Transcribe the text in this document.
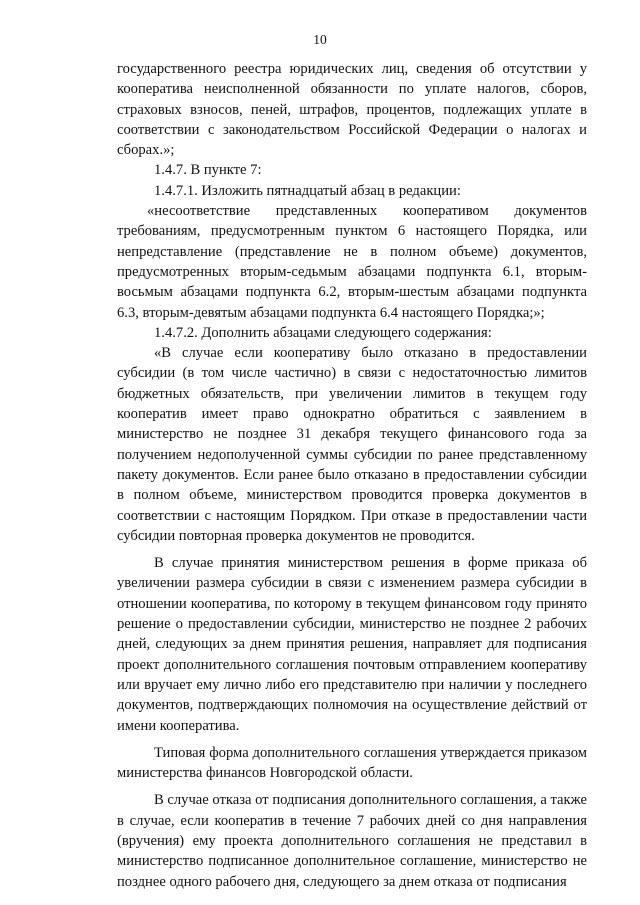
10

государственного реестра юридических лиц, сведения об отсутствии у кооператива неисполненной обязанности по уплате налогов, сборов, страховых взносов, пеней, штрафов, процентов, подлежащих уплате в соответствии с законодательством Российской Федерации о налогах и сборах.»;

1.4.7. В пункте 7:

1.4.7.1. Изложить пятнадцатый абзац в редакции:

«несоответствие представленных кооперативом документов требованиям, предусмотренным пунктом 6 настоящего Порядка, или непредставление (представление не в полном объеме) документов, предусмотренных вторым-седьмым абзацами подпункта 6.1, вторым-восьмым абзацами подпункта 6.2, вторым-шестым абзацами подпункта 6.3, вторым-девятым абзацами подпункта 6.4 настоящего Порядка;»;

1.4.7.2. Дополнить абзацами следующего содержания:

«В случае если кооперативу было отказано в предоставлении субсидии (в том числе частично) в связи с недостаточностью лимитов бюджетных обязательств, при увеличении лимитов в текущем году кооператив имеет право однократно обратиться с заявлением в министерство не позднее 31 декабря текущего финансового года за получением недополученной суммы субсидии по ранее представленному пакету документов. Если ранее было отказано в предоставлении субсидии в полном объеме, министерством проводится проверка документов в соответствии с настоящим Порядком. При отказе в предоставлении части субсидии повторная проверка документов не проводится.

В случае принятия министерством решения в форме приказа об увеличении размера субсидии в связи с изменением размера субсидии в отношении кооператива, по которому в текущем финансовом году принято решение о предоставлении субсидии, министерство не позднее 2 рабочих дней, следующих за днем принятия решения, направляет для подписания проект дополнительного соглашения почтовым отправлением кооперативу или вручает ему лично либо его представителю при наличии у последнего документов, подтверждающих полномочия на осуществление действий от имени кооператива.

Типовая форма дополнительного соглашения утверждается приказом министерства финансов Новгородской области.

В случае отказа от подписания дополнительного соглашения, а также в случае, если кооператив в течение 7 рабочих дней со дня направления (вручения) ему проекта дополнительного соглашения не представил в министерство подписанное дополнительное соглашение, министерство не позднее одного рабочего дня, следующего за днем отказа от подписания
